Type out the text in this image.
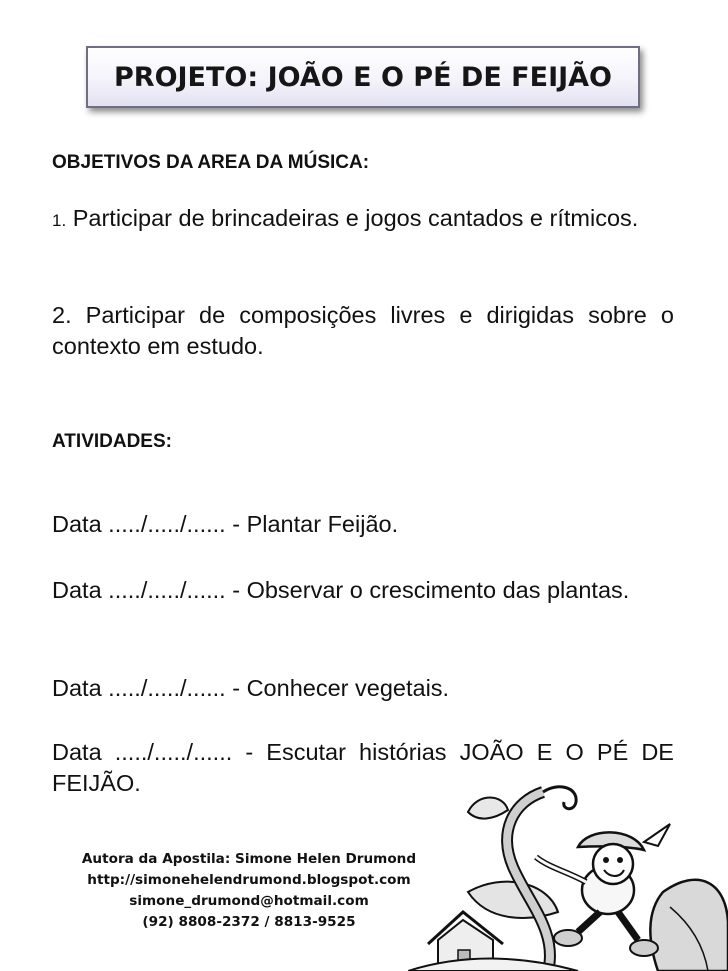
PROJETO: JOÃO E O PÉ DE FEIJÃO
OBJETIVOS DA AREA DA MÚSICA:
1. Participar de brincadeiras e jogos cantados e rítmicos.
2. Participar de composições livres e dirigidas sobre o contexto em estudo.
ATIVIDADES:
Data ...../...../...... - Plantar Feijão.
Data ...../...../...... - Observar o crescimento das plantas.
Data ...../...../...... - Conhecer vegetais.
Data ...../...../...... - Escutar histórias JOÃO E O PÉ DE FEIJÃO.
Autora da Apostila: Simone Helen Drumond
http://simonehelendrumond.blogspot.com
simone_drumond@hotmail.com
(92) 8808-2372 / 8813-9525
